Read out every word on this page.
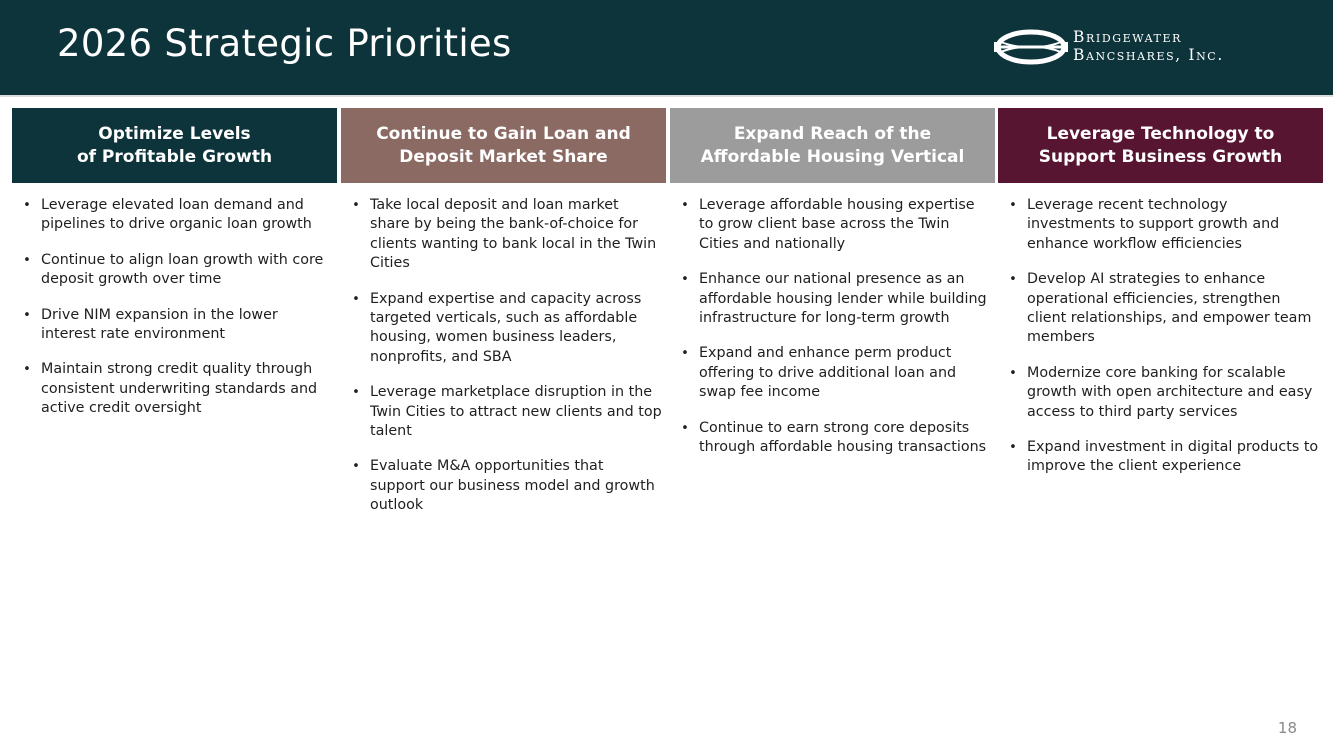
2026 Strategic Priorities	Bridgewater
Bancshares, Inc.
Optimize Levels
of Profitable Growth
• Leverage elevated loan demand and pipelines to drive organic loan growth
• Continue to align loan growth with core deposit growth over time
• Drive NIM expansion in the lower interest rate environment
• Maintain strong credit quality through consistent underwriting standards and active credit oversight
Continue to Gain Loan and
Deposit Market Share
• Take local deposit and loan market share by being the bank-of-choice for clients wanting to bank local in the Twin Cities
• Expand expertise and capacity across targeted verticals, such as affordable housing, women business leaders, nonprofits, and SBA
• Leverage marketplace disruption in the Twin Cities to attract new clients and top talent
• Evaluate M&A opportunities that support our business model and growth outlook
Expand Reach of the
Affordable Housing Vertical
• Leverage affordable housing expertise to grow client base across the Twin Cities and nationally
• Enhance our national presence as an affordable housing lender while building infrastructure for long-term growth
• Expand and enhance perm product offering to drive additional loan and swap fee income
• Continue to earn strong core deposits through affordable housing transactions
Leverage Technology to
Support Business Growth
• Leverage recent technology investments to support growth and enhance workflow efficiencies
• Develop AI strategies to enhance operational efficiencies, strengthen client relationships, and empower team members
• Modernize core banking for scalable growth with open architecture and easy access to third party services
• Expand investment in digital products to improve the client experience
18
